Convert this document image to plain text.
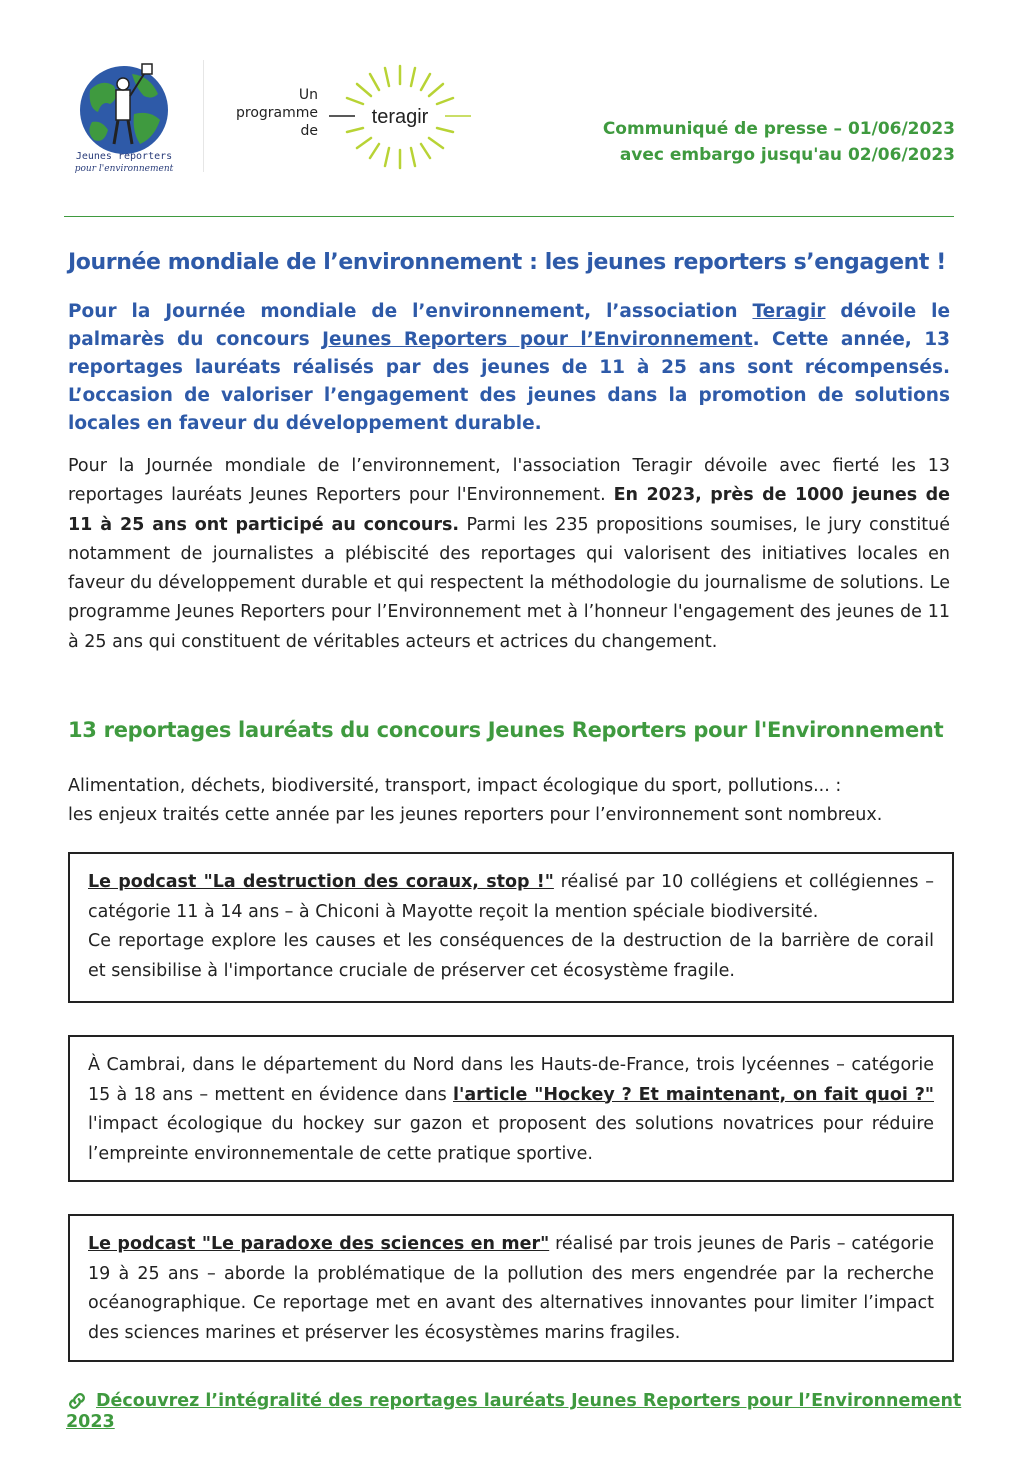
Jeunes reporters
pour l'environnement
Un
programme
de
teragir
Communiqué de presse – 01/06/2023
avec embargo jusqu'au 02/06/2023
Journée mondiale de l’environnement : les jeunes reporters s’engagent !
Pour la Journée mondiale de l’environnement, l’association Teragir dévoile le palmarès du concours Jeunes Reporters pour l’Environnement. Cette année, 13 reportages lauréats réalisés par des jeunes de 11 à 25 ans sont récompensés. L’occasion de valoriser l’engagement des jeunes dans la promotion de solutions locales en faveur du développement durable.
Pour la Journée mondiale de l’environnement, l'association Teragir dévoile avec fierté les 13 reportages lauréats Jeunes Reporters pour l'Environnement. En 2023, près de 1000 jeunes de 11 à 25 ans ont participé au concours. Parmi les 235 propositions soumises, le jury constitué notamment de journalistes a plébiscité des reportages qui valorisent des initiatives locales en faveur du développement durable et qui respectent la méthodologie du journalisme de solutions. Le programme Jeunes Reporters pour l’Environnement met à l’honneur l'engagement des jeunes de 11 à 25 ans qui constituent de véritables acteurs et actrices du changement.
13 reportages lauréats du concours Jeunes Reporters pour l'Environnement
Alimentation, déchets, biodiversité, transport, impact écologique du sport, pollutions... :
les enjeux traités cette année par les jeunes reporters pour l’environnement sont nombreux.
Le podcast "La destruction des coraux, stop !" réalisé par 10 collégiens et collégiennes – catégorie 11 à 14 ans – à Chiconi à Mayotte reçoit la mention spéciale biodiversité.
Ce reportage explore les causes et les conséquences de la destruction de la barrière de corail et sensibilise à l'importance cruciale de préserver cet écosystème fragile.
À Cambrai, dans le département du Nord dans les Hauts-de-France, trois lycéennes – catégorie 15 à 18 ans – mettent en évidence dans l'article "Hockey ? Et maintenant, on fait quoi ?" l'impact écologique du hockey sur gazon et proposent des solutions novatrices pour réduire l’empreinte environnementale de cette pratique sportive.
Le podcast "Le paradoxe des sciences en mer" réalisé par trois jeunes de Paris – catégorie 19 à 25 ans – aborde la problématique de la pollution des mers engendrée par la recherche océanographique. Ce reportage met en avant des alternatives innovantes pour limiter l’impact des sciences marines et préserver les écosystèmes marins fragiles.
Découvrez l’intégralité des reportages lauréats Jeunes Reporters pour l’Environnement 2023
